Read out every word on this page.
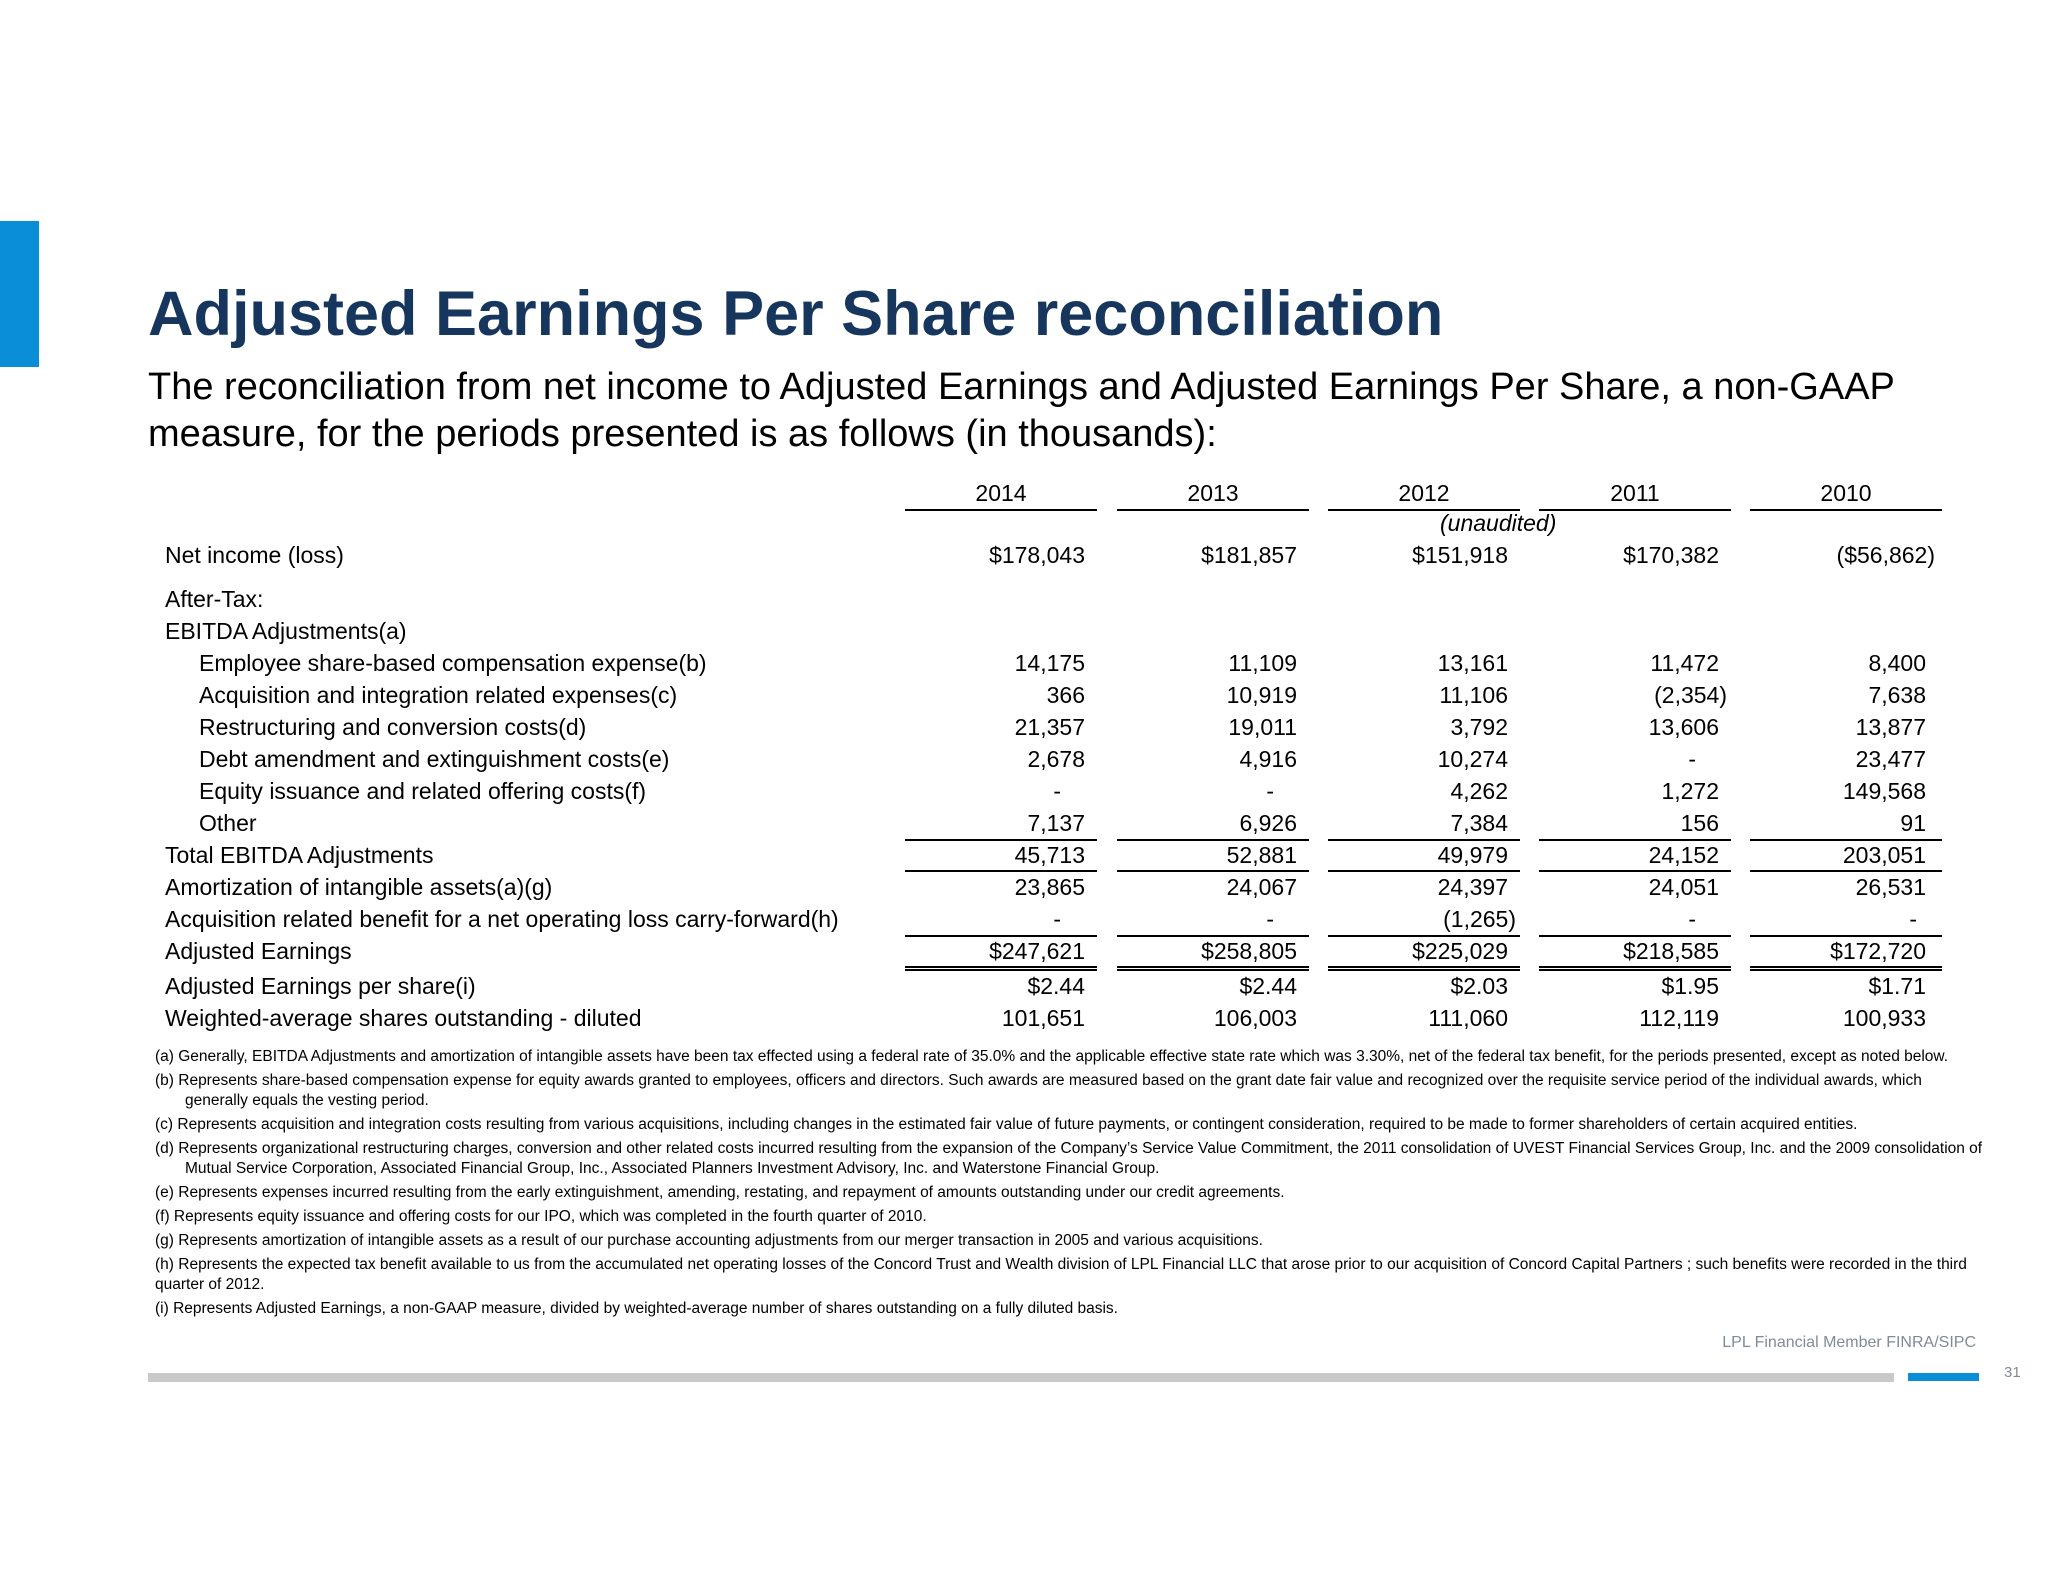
Adjusted Earnings Per Share reconciliation

The reconciliation from net income to Adjusted Earnings and Adjusted Earnings Per Share, a non-GAAP measure, for the periods presented is as follows (in thousands):

2014	2013	2012	2011	2010
(unaudited)
Net income (loss)	$178,043	$181,857	$151,918	$170,382	($56,862)
After-Tax:
EBITDA Adjustments(a)
Employee share-based compensation expense(b)	14,175	11,109	13,161	11,472	8,400
Acquisition and integration related expenses(c)	366	10,919	11,106	(2,354)	7,638
Restructuring and conversion costs(d)	21,357	19,011	3,792	13,606	13,877
Debt amendment and extinguishment costs(e)	2,678	4,916	10,274	-	23,477
Equity issuance and related offering costs(f)	-	-	4,262	1,272	149,568
Other	7,137	6,926	7,384	156	91
Total EBITDA Adjustments	45,713	52,881	49,979	24,152	203,051
Amortization of intangible assets(a)(g)	23,865	24,067	24,397	24,051	26,531
Acquisition related benefit for a net operating loss carry-forward(h)	-	-	(1,265)	-	-
Adjusted Earnings	$247,621	$258,805	$225,029	$218,585	$172,720
Adjusted Earnings per share(i)	$2.44	$2.44	$2.03	$1.95	$1.71
Weighted-average shares outstanding - diluted	101,651	106,003	111,060	112,119	100,933

(a) Generally, EBITDA Adjustments and amortization of intangible assets have been tax effected using a federal rate of 35.0% and the applicable effective state rate which was 3.30%, net of the federal tax benefit, for the periods presented, except as noted below.

(b) Represents share-based compensation expense for equity awards granted to employees, officers and directors. Such awards are measured based on the grant date fair value and recognized over the requisite service period of the individual awards, which generally equals the vesting period.

(c) Represents acquisition and integration costs resulting from various acquisitions, including changes in the estimated fair value of future payments, or contingent consideration, required to be made to former shareholders of certain acquired entities.

(d) Represents organizational restructuring charges, conversion and other related costs incurred resulting from the expansion of the Company’s Service Value Commitment, the 2011 consolidation of UVEST Financial Services Group, Inc. and the 2009 consolidation of Mutual Service Corporation, Associated Financial Group, Inc., Associated Planners Investment Advisory, Inc. and Waterstone Financial Group.

(e) Represents expenses incurred resulting from the early extinguishment, amending, restating, and repayment of amounts outstanding under our credit agreements.

(f) Represents equity issuance and offering costs for our IPO, which was completed in the fourth quarter of 2010.

(g) Represents amortization of intangible assets as a result of our purchase accounting adjustments from our merger transaction in 2005 and various acquisitions.

(h) Represents the expected tax benefit available to us from the accumulated net operating losses of the Concord Trust and Wealth division of LPL Financial LLC that arose prior to our acquisition of Concord Capital Partners ; such benefits were recorded in the third quarter of 2012.

(i) Represents Adjusted Earnings, a non-GAAP measure, divided by weighted-average number of shares outstanding on a fully diluted basis.

LPL Financial Member FINRA/SIPC
31
